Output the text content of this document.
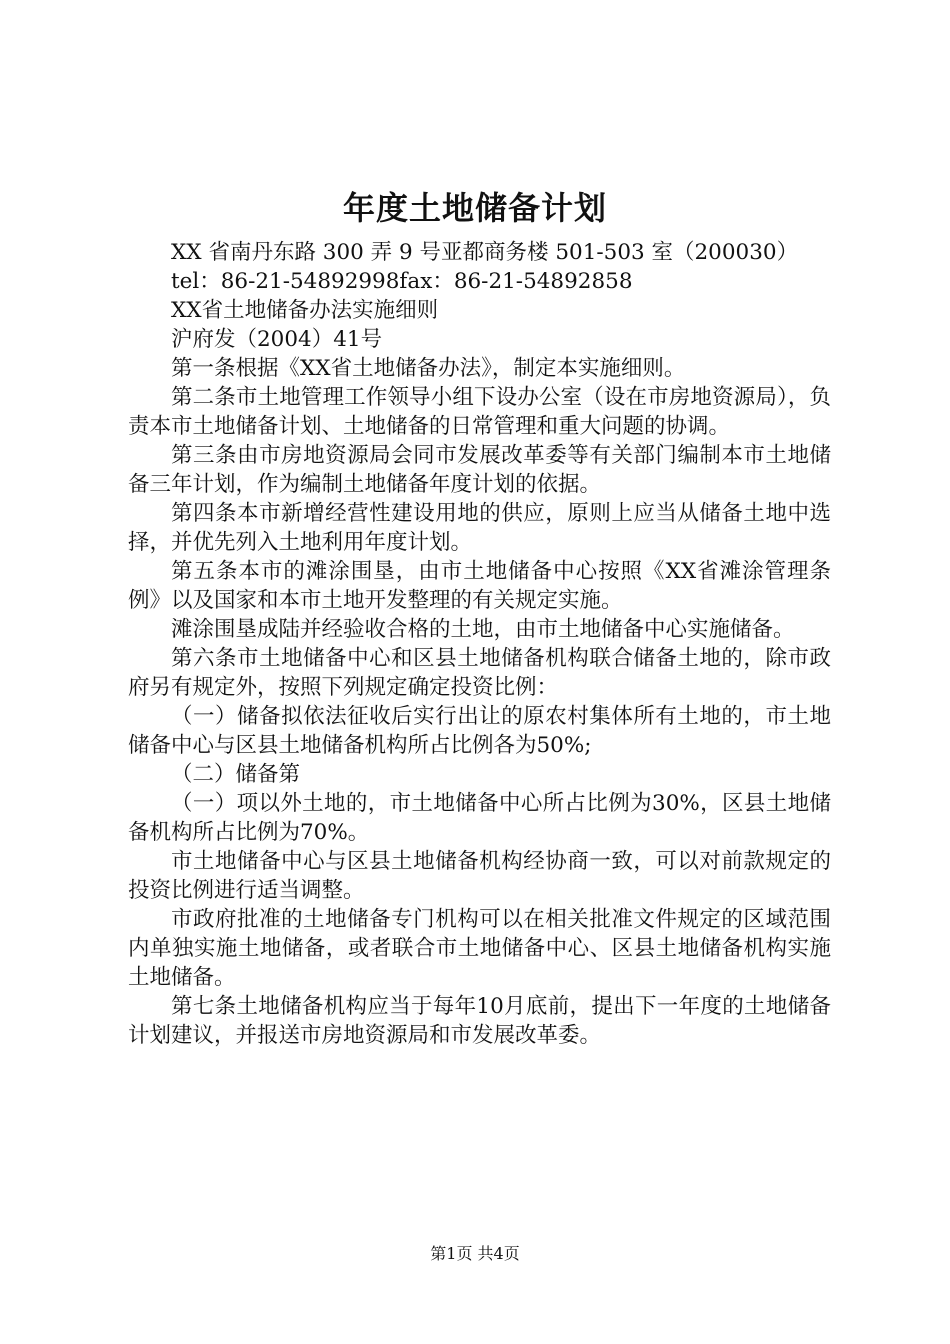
年度土地储备计划

XX 省南丹东路 300 弄 9 号亚都商务楼 501-503 室（200030）

tel：86-21-54892998fax：86-21-54892858

XX省土地储备办法实施细则

沪府发（2004）41号

第一条根据《XX省土地储备办法》，制定本实施细则。

第二条市土地管理工作领导小组下设办公室（设在市房地资源局），负责本市土地储备计划、土地储备的日常管理和重大问题的协调。

第三条由市房地资源局会同市发展改革委等有关部门编制本市土地储备三年计划，作为编制土地储备年度计划的依据。

第四条本市新增经营性建设用地的供应，原则上应当从储备土地中选择，并优先列入土地利用年度计划。

第五条本市的滩涂围垦，由市土地储备中心按照《XX省滩涂管理条例》以及国家和本市土地开发整理的有关规定实施。

滩涂围垦成陆并经验收合格的土地，由市土地储备中心实施储备。

第六条市土地储备中心和区县土地储备机构联合储备土地的，除市政府另有规定外，按照下列规定确定投资比例：

（一）储备拟依法征收后实行出让的原农村集体所有土地的，市土地储备中心与区县土地储备机构所占比例各为50%;

（二）储备第

（一）项以外土地的，市土地储备中心所占比例为30%，区县土地储备机构所占比例为70%。

市土地储备中心与区县土地储备机构经协商一致，可以对前款规定的投资比例进行适当调整。

市政府批准的土地储备专门机构可以在相关批准文件规定的区域范围内单独实施土地储备，或者联合市土地储备中心、区县土地储备机构实施土地储备。

第七条土地储备机构应当于每年10月底前，提出下一年度的土地储备计划建议，并报送市房地资源局和市发展改革委。

第1页 共4页
